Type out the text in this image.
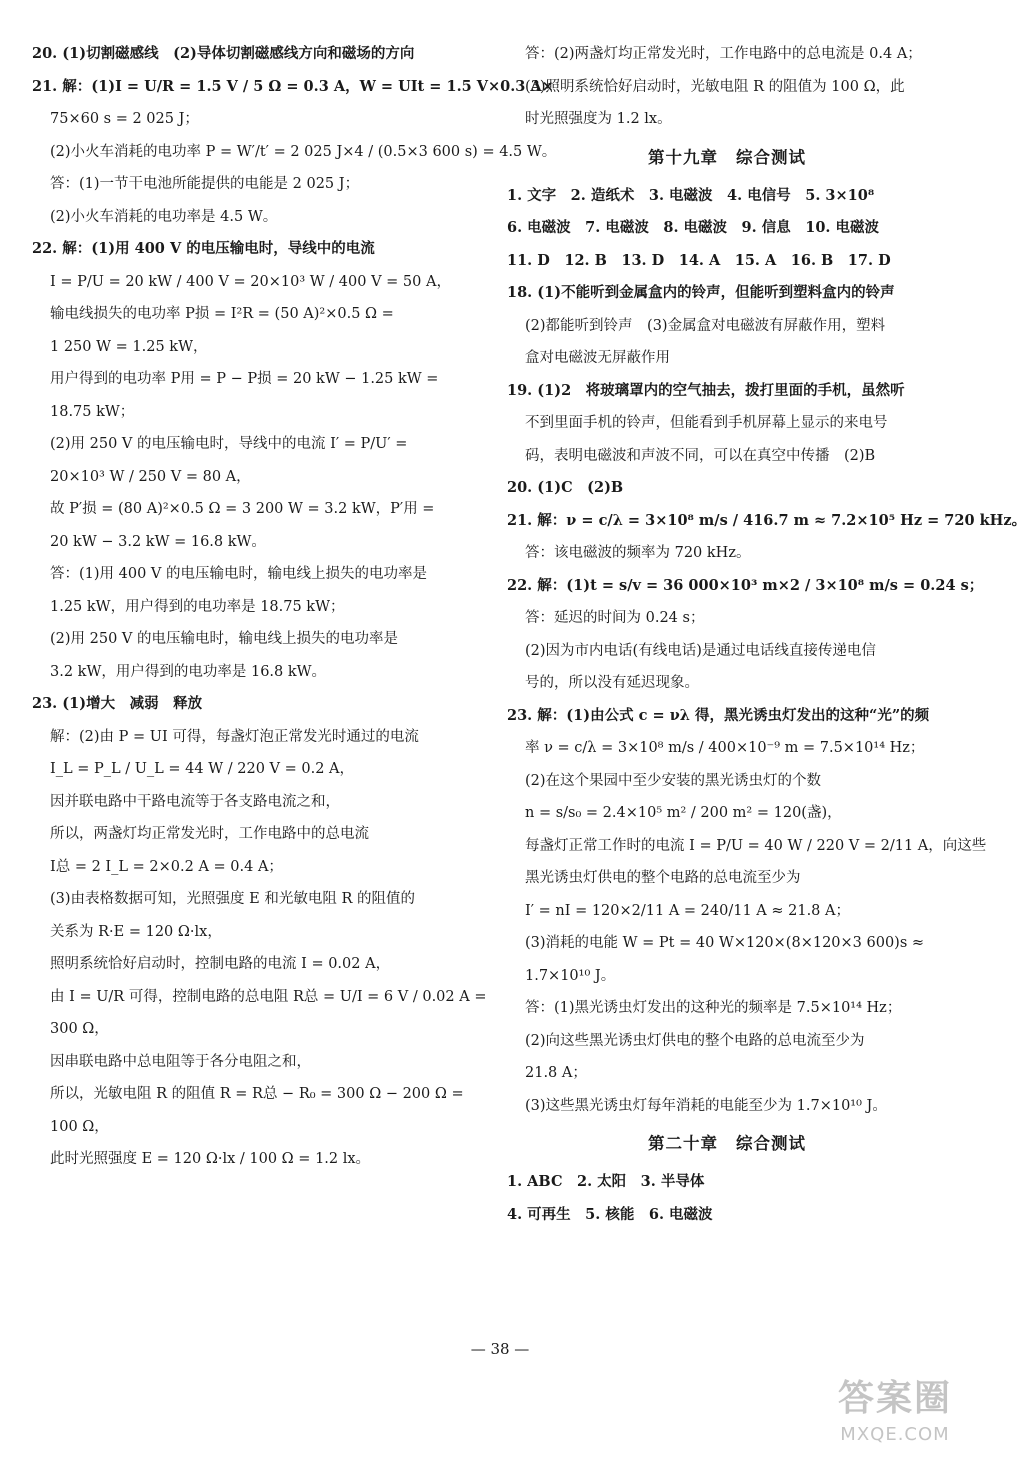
20. (1)切割磁感线　(2)导体切割磁感线方向和磁场的方向
21. 解：(1)I = U/R = 1.5 V / 5 Ω = 0.3 A，W = UIt = 1.5 V×0.3 A×
75×60 s = 2 025 J；
(2)小火车消耗的电功率 P = W′/t′ = 2 025 J×4 / (0.5×3 600 s) = 4.5 W。
答：(1)一节干电池所能提供的电能是 2 025 J；
(2)小火车消耗的电功率是 4.5 W。
22. 解：(1)用 400 V 的电压输电时，导线中的电流
I = P/U = 20 kW / 400 V = 20×10³ W / 400 V = 50 A，
输电线损失的电功率 P损 = I²R = (50 A)²×0.5 Ω =
1 250 W = 1.25 kW，
用户得到的电功率 P用 = P − P损 = 20 kW − 1.25 kW =
18.75 kW；
(2)用 250 V 的电压输电时，导线中的电流 I′ = P/U′ =
20×10³ W / 250 V = 80 A，
故 P′损 = (80 A)²×0.5 Ω = 3 200 W = 3.2 kW，P′用 =
20 kW − 3.2 kW = 16.8 kW。
答：(1)用 400 V 的电压输电时，输电线上损失的电功率是
1.25 kW，用户得到的电功率是 18.75 kW；
(2)用 250 V 的电压输电时，输电线上损失的电功率是
3.2 kW，用户得到的电功率是 16.8 kW。
23. (1)增大　减弱　释放
解：(2)由 P = UI 可得，每盏灯泡正常发光时通过的电流
I_L = P_L / U_L = 44 W / 220 V = 0.2 A，
因并联电路中干路电流等于各支路电流之和，
所以，两盏灯均正常发光时，工作电路中的总电流
I总 = 2 I_L = 2×0.2 A = 0.4 A；
(3)由表格数据可知，光照强度 E 和光敏电阻 R 的阻值的
关系为 R·E = 120 Ω·lx，
照明系统恰好启动时，控制电路的电流 I = 0.02 A，
由 I = U/R 可得，控制电路的总电阻 R总 = U/I = 6 V / 0.02 A =
300 Ω，
因串联电路中总电阻等于各分电阻之和，
所以，光敏电阻 R 的阻值 R = R总 − R₀ = 300 Ω − 200 Ω =
100 Ω，
此时光照强度 E = 120 Ω·lx / 100 Ω = 1.2 lx。
答：(2)两盏灯均正常发光时，工作电路中的总电流是 0.4 A；
(3)照明系统恰好启动时，光敏电阻 R 的阻值为 100 Ω，此
时光照强度为 1.2 lx。
第十九章 综合测试
1. 文字　2. 造纸术　3. 电磁波　4. 电信号　5. 3×10⁸
6. 电磁波　7. 电磁波　8. 电磁波　9. 信息　10. 电磁波
11. D　12. B　13. D　14. A　15. A　16. B　17. D
18. (1)不能听到金属盒内的铃声，但能听到塑料盒内的铃声
(2)都能听到铃声　(3)金属盒对电磁波有屏蔽作用，塑料
盒对电磁波无屏蔽作用
19. (1)2　将玻璃罩内的空气抽去，拨打里面的手机，虽然听
不到里面手机的铃声，但能看到手机屏幕上显示的来电号
码，表明电磁波和声波不同，可以在真空中传播　(2)B
20. (1)C　(2)B
21. 解：ν = c/λ = 3×10⁸ m/s / 416.7 m ≈ 7.2×10⁵ Hz = 720 kHz。
答：该电磁波的频率为 720 kHz。
22. 解：(1)t = s/v = 36 000×10³ m×2 / 3×10⁸ m/s = 0.24 s；
答：延迟的时间为 0.24 s；
(2)因为市内电话(有线电话)是通过电话线直接传递电信
号的，所以没有延迟现象。
23. 解：(1)由公式 c = νλ 得，黑光诱虫灯发出的这种“光”的频
率 ν = c/λ = 3×10⁸ m/s / 400×10⁻⁹ m = 7.5×10¹⁴ Hz；
(2)在这个果园中至少安装的黑光诱虫灯的个数
n = s/s₀ = 2.4×10⁵ m² / 200 m² = 120(盏)，
每盏灯正常工作时的电流 I = P/U = 40 W / 220 V = 2/11 A，向这些
黑光诱虫灯供电的整个电路的总电流至少为
I′ = nI = 120×2/11 A = 240/11 A ≈ 21.8 A；
(3)消耗的电能 W = Pt = 40 W×120×(8×120×3 600)s ≈
1.7×10¹⁰ J。
答：(1)黑光诱虫灯发出的这种光的频率是 7.5×10¹⁴ Hz；
(2)向这些黑光诱虫灯供电的整个电路的总电流至少为
21.8 A；
(3)这些黑光诱虫灯每年消耗的电能至少为 1.7×10¹⁰ J。
第二十章 综合测试
1. ABC　2. 太阳　3. 半导体
4. 可再生　5. 核能　6. 电磁波
— 38 —
答案圈
MXQE.COM
